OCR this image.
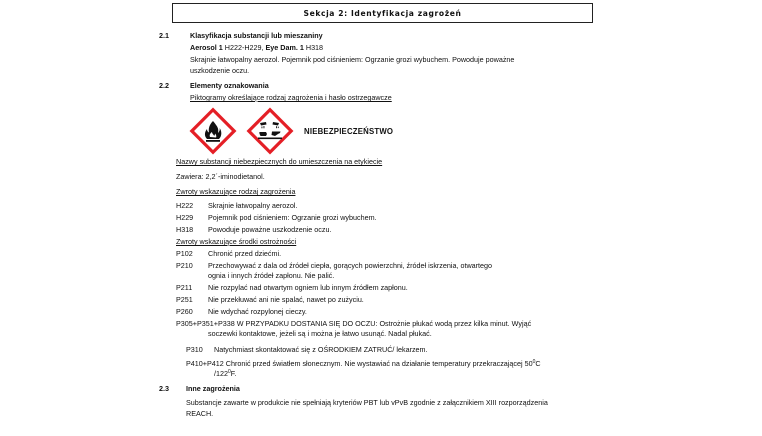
Sekcja 2: Identyfikacja zagrożeń
2.1	Klasyfikacja substancji lub mieszaniny
Aerosol 1 H222-H229, Eye Dam. 1 H318
Skrajnie łatwopalny aerozol. Pojemnik pod ciśnieniem: Ogrzanie grozi wybuchem. Powoduje poważne
uszkodzenie oczu.
2.2	Elementy oznakowania
Piktogramy określające rodzaj zagrożenia i hasło ostrzegawcze
NIEBEZPIECZEŃSTWO
Nazwy substancji niebezpiecznych do umieszczenia na etykiecie
Zawiera: 2,2´-iminodietanol.
Zwroty wskazujące rodzaj zagrożenia
H222 Skrajnie łatwopalny aerozol.
H229 Pojemnik pod ciśnieniem: Ogrzanie grozi wybuchem.
H318 Powoduje poważne uszkodzenie oczu.
Zwroty wskazujące środki ostrożności
P102 Chronić przed dziećmi.
P210 Przechowywać z dala od źródeł ciepła, gorących powierzchni, źródeł iskrzenia, otwartego
ognia i innych źródeł zapłonu. Nie palić.
P211 Nie rozpylać nad otwartym ogniem lub innym źródłem zapłonu.
P251 Nie przekłuwać ani nie spalać, nawet po zużyciu.
P260 Nie wdychać rozpylonej cieczy.
P305+P351+P338 W PRZYPADKU DOSTANIA SIĘ DO OCZU: Ostrożnie płukać wodą przez kilka minut. Wyjąć
soczewki kontaktowe, jeżeli są i można je łatwo usunąć. Nadal płukać.
P310 Natychmiast skontaktować się z OŚRODKIEM ZATRUĆ/ lekarzem.
P410+P412 Chronić przed światłem słonecznym. Nie wystawiać na działanie temperatury przekraczającej $50^0C$
$/122^0F$.
2.3 Inne zagrożenia
Substancje zawarte w produkcie nie spełniają kryteriów PBT lub vPvB zgodnie z załącznikiem XIII rozporządzenia
REACH.
